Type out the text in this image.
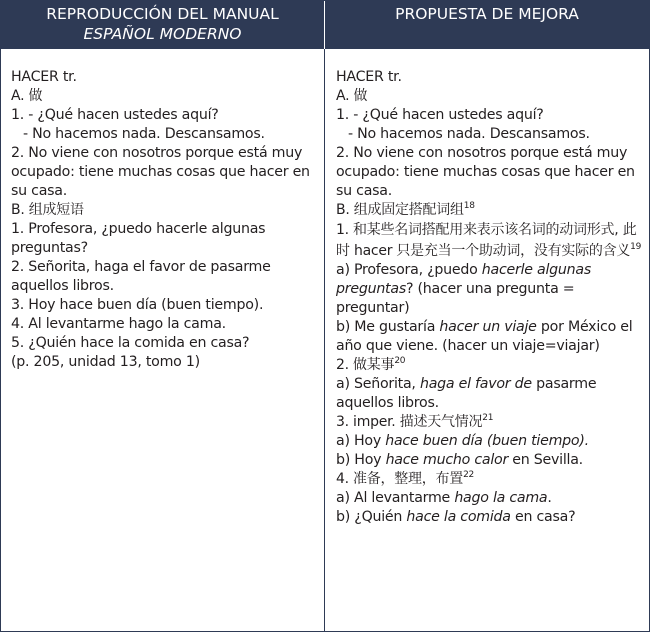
REPRODUCCIÓN DEL MANUAL
ESPAÑOL MODERNO
PROPUESTA DE MEJORA
HACER tr.
A. 做
1. - ¿Qué hacen ustedes aquí?
- No hacemos nada. Descansamos.
2. No viene con nosotros porque está muy ocupado: tiene muchas cosas que hacer en su casa.
B. 组成短语
1. Profesora, ¿puedo hacerle algunas preguntas?
2. Señorita, haga el favor de pasarme aquellos libros.
3. Hoy hace buen día (buen tiempo).
4. Al levantarme hago la cama.
5. ¿Quién hace la comida en casa?
(p. 205, unidad 13, tomo 1)
HACER tr.
A. 做
1. - ¿Qué hacen ustedes aquí?
- No hacemos nada. Descansamos.
2. No viene con nosotros porque está muy ocupado: tiene muchas cosas que hacer en su casa.
B. 组成固定搭配词组$^{18}$
1. 和某些名词搭配用来表示该名词的动词形式, 此时 hacer 只是充当一个助动词，没有实际的含义$^{19}$
a) Profesora, ¿puedo hacerle algunas preguntas? (hacer una pregunta = preguntar)
b) Me gustaría hacer un viaje por México el año que viene. (hacer un viaje=viajar)
2. 做某事$^{20}$
a) Señorita, haga el favor de pasarme aquellos libros.
3. imper. 描述天气情况$^{21}$
a) Hoy hace buen día (buen tiempo).
b) Hoy hace mucho calor en Sevilla.
4. 准备，整理，布置$^{22}$
a) Al levantarme hago la cama.
b) ¿Quién hace la comida en casa?
